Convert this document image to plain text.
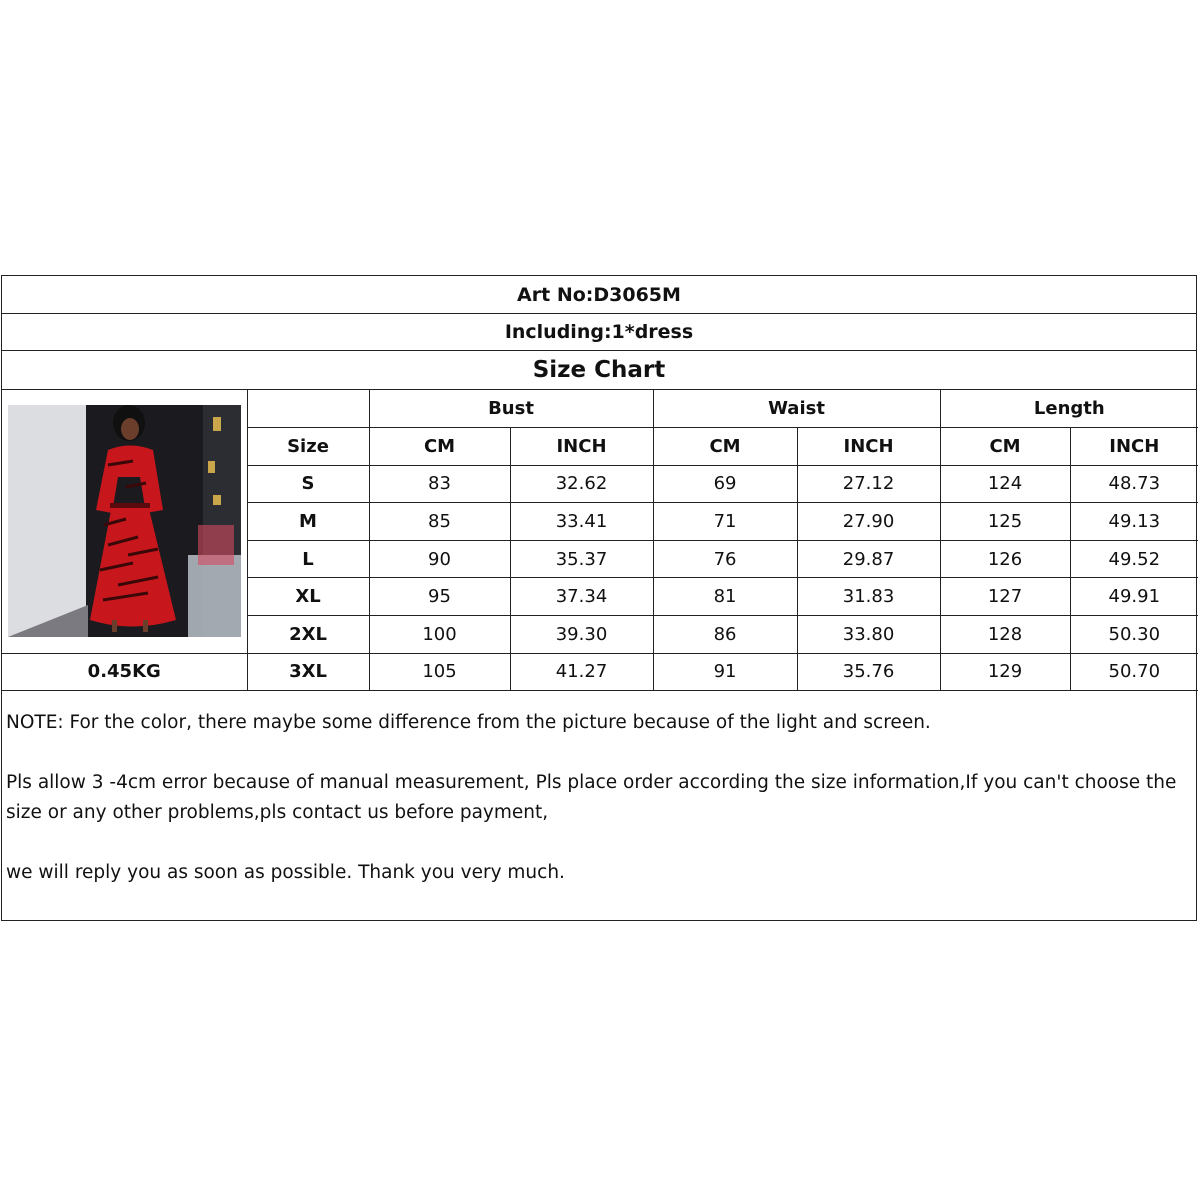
Art No:D3065M
Including:1*dress
Size Chart
		Bust		Waist		Length	
	Size	CM	INCH	CM	INCH	CM	INCH
	S	83	32.62	69	27.12	124	48.73
	M	85	33.41	71	27.90	125	49.13
	L	90	35.37	76	29.87	126	49.52
	XL	95	37.34	81	31.83	127	49.91
	2XL	100	39.30	86	33.80	128	50.30
0.45KG	3XL	105	41.27	91	35.76	129	50.70

NOTE: For the color, there maybe some difference from the picture because of the light and screen.

Pls allow 3 -4cm error because of manual measurement, Pls place order according the size information,If you can't choose the size or any other problems,pls contact us before payment,

we will reply you as soon as possible. Thank you very much.
